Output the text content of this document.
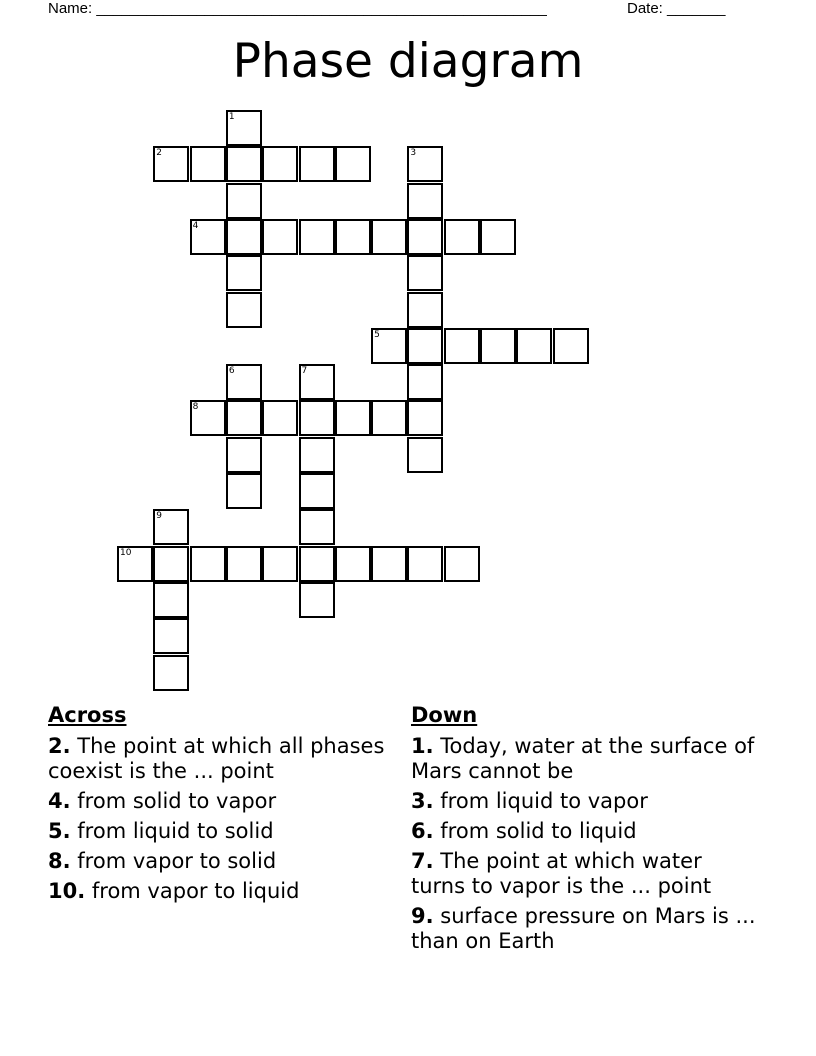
Name: ______________________________________________________	Date: _______
Phase diagram
2
4
5
8
10
1
3
6	7
9
Across
2. The point at which all phases coexist is the ... point
4. from solid to vapor
5. from liquid to solid
8. from vapor to solid
10. from vapor to liquid
Down
1. Today, water at the surface of Mars cannot be
3. from liquid to vapor
6. from solid to liquid
7. The point at which water turns to vapor is the ... point
9. surface pressure on Mars is ... than on Earth
